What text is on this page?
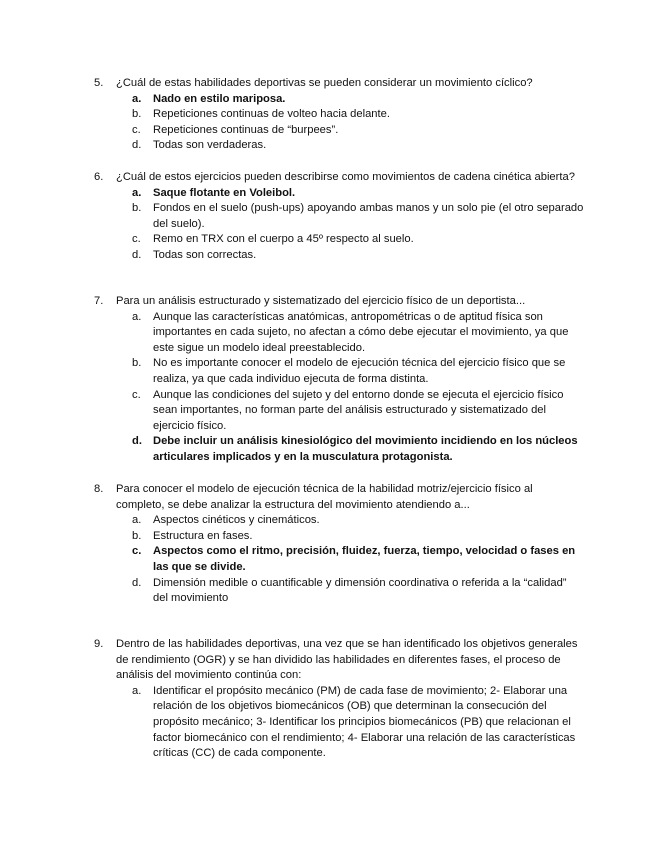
5.	¿Cuál de estas habilidades deportivas se pueden considerar un movimiento cíclico?
a.	Nado en estilo mariposa.
b.	Repeticiones continuas de volteo hacia delante.
c.	Repeticiones continuas de “burpees”.
d.	Todas son verdaderas.
6.	¿Cuál de estos ejercicios pueden describirse como movimientos de cadena cinética abierta?
a.	Saque flotante en Voleibol.
b.	Fondos en el suelo (push-ups) apoyando ambas manos y un solo pie (el otro separado del suelo).
c.	Remo en TRX con el cuerpo a 45º respecto al suelo.
d.	Todas son correctas.
7.	Para un análisis estructurado y sistematizado del ejercicio físico de un deportista...
a.	Aunque las características anatómicas, antropométricas o de aptitud física son importantes en cada sujeto, no afectan a cómo debe ejecutar el movimiento, ya que este sigue un modelo ideal preestablecido.
b.	No es importante conocer el modelo de ejecución técnica del ejercicio físico que se realiza, ya que cada individuo ejecuta de forma distinta.
c.	Aunque las condiciones del sujeto y del entorno donde se ejecuta el ejercicio físico sean importantes, no forman parte del análisis estructurado y sistematizado del ejercicio físico.
d. Debe incluir un análisis kinesiológico del movimiento incidiendo en los núcleos articulares implicados y en la musculatura protagonista.
8.	Para conocer el modelo de ejecución técnica de la habilidad motriz/ejercicio físico al completo, se debe analizar la estructura del movimiento atendiendo a...
a.	Aspectos cinéticos y cinemáticos.
b.	Estructura en fases.
c.	Aspectos como el ritmo, precisión, fluidez, fuerza, tiempo, velocidad o fases en las que se divide.
d.	Dimensión medible o cuantificable y dimensión coordinativa o referida a la “calidad” del movimiento
9.	Dentro de las habilidades deportivas, una vez que se han identificado los objetivos generales de rendimiento (OGR) y se han dividido las habilidades en diferentes fases, el proceso de análisis del movimiento continúa con:
a.	Identificar el propósito mecánico (PM) de cada fase de movimiento; 2- Elaborar una relación de los objetivos biomecánicos (OB) que determinan la consecución del propósito mecánico; 3- Identificar los principios biomecánicos (PB) que relacionan el factor biomecánico con el rendimiento; 4- Elaborar una relación de las características críticas (CC) de cada componente.
